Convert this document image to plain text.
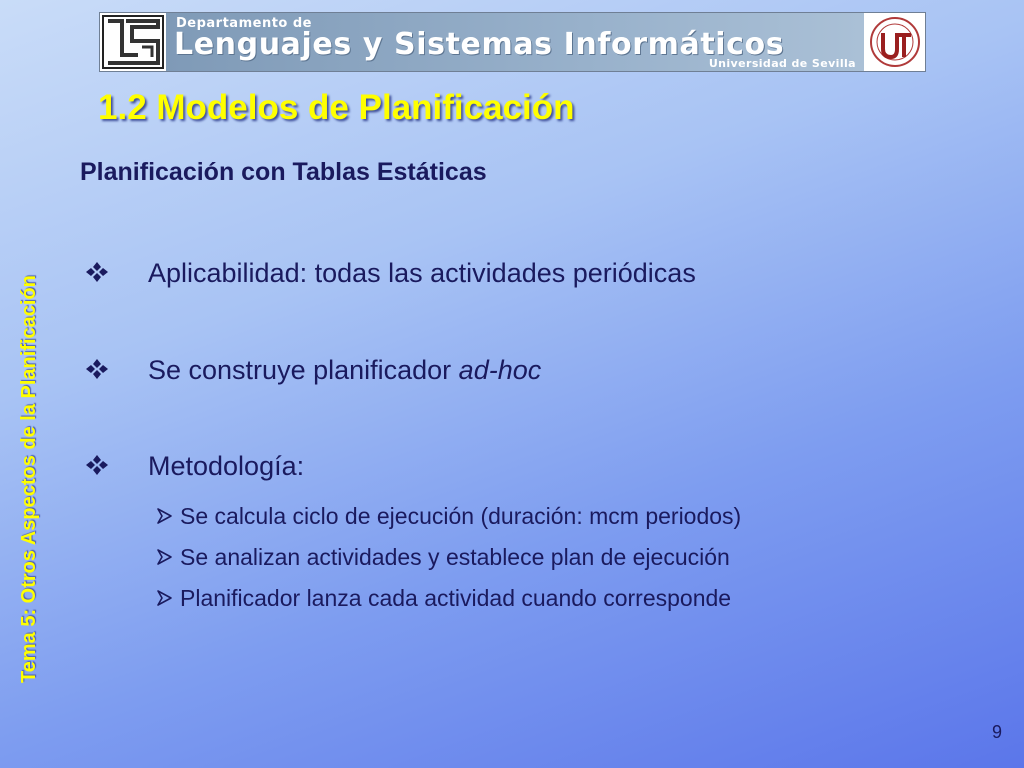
Departamento de
Lenguajes y Sistemas Informáticos
Universidad de Sevilla
1.2 Modelos de Planificación
Tema 5: Otros Aspectos de la Planificación
Planificación con Tablas Estáticas
Aplicabilidad: todas las actividades periódicas
Se construye planificador ad-hoc
Metodología:
Se calcula ciclo de ejecución (duración: mcm periodos)
Se analizan actividades y establece plan de ejecución
Planificador lanza cada actividad cuando corresponde
9
